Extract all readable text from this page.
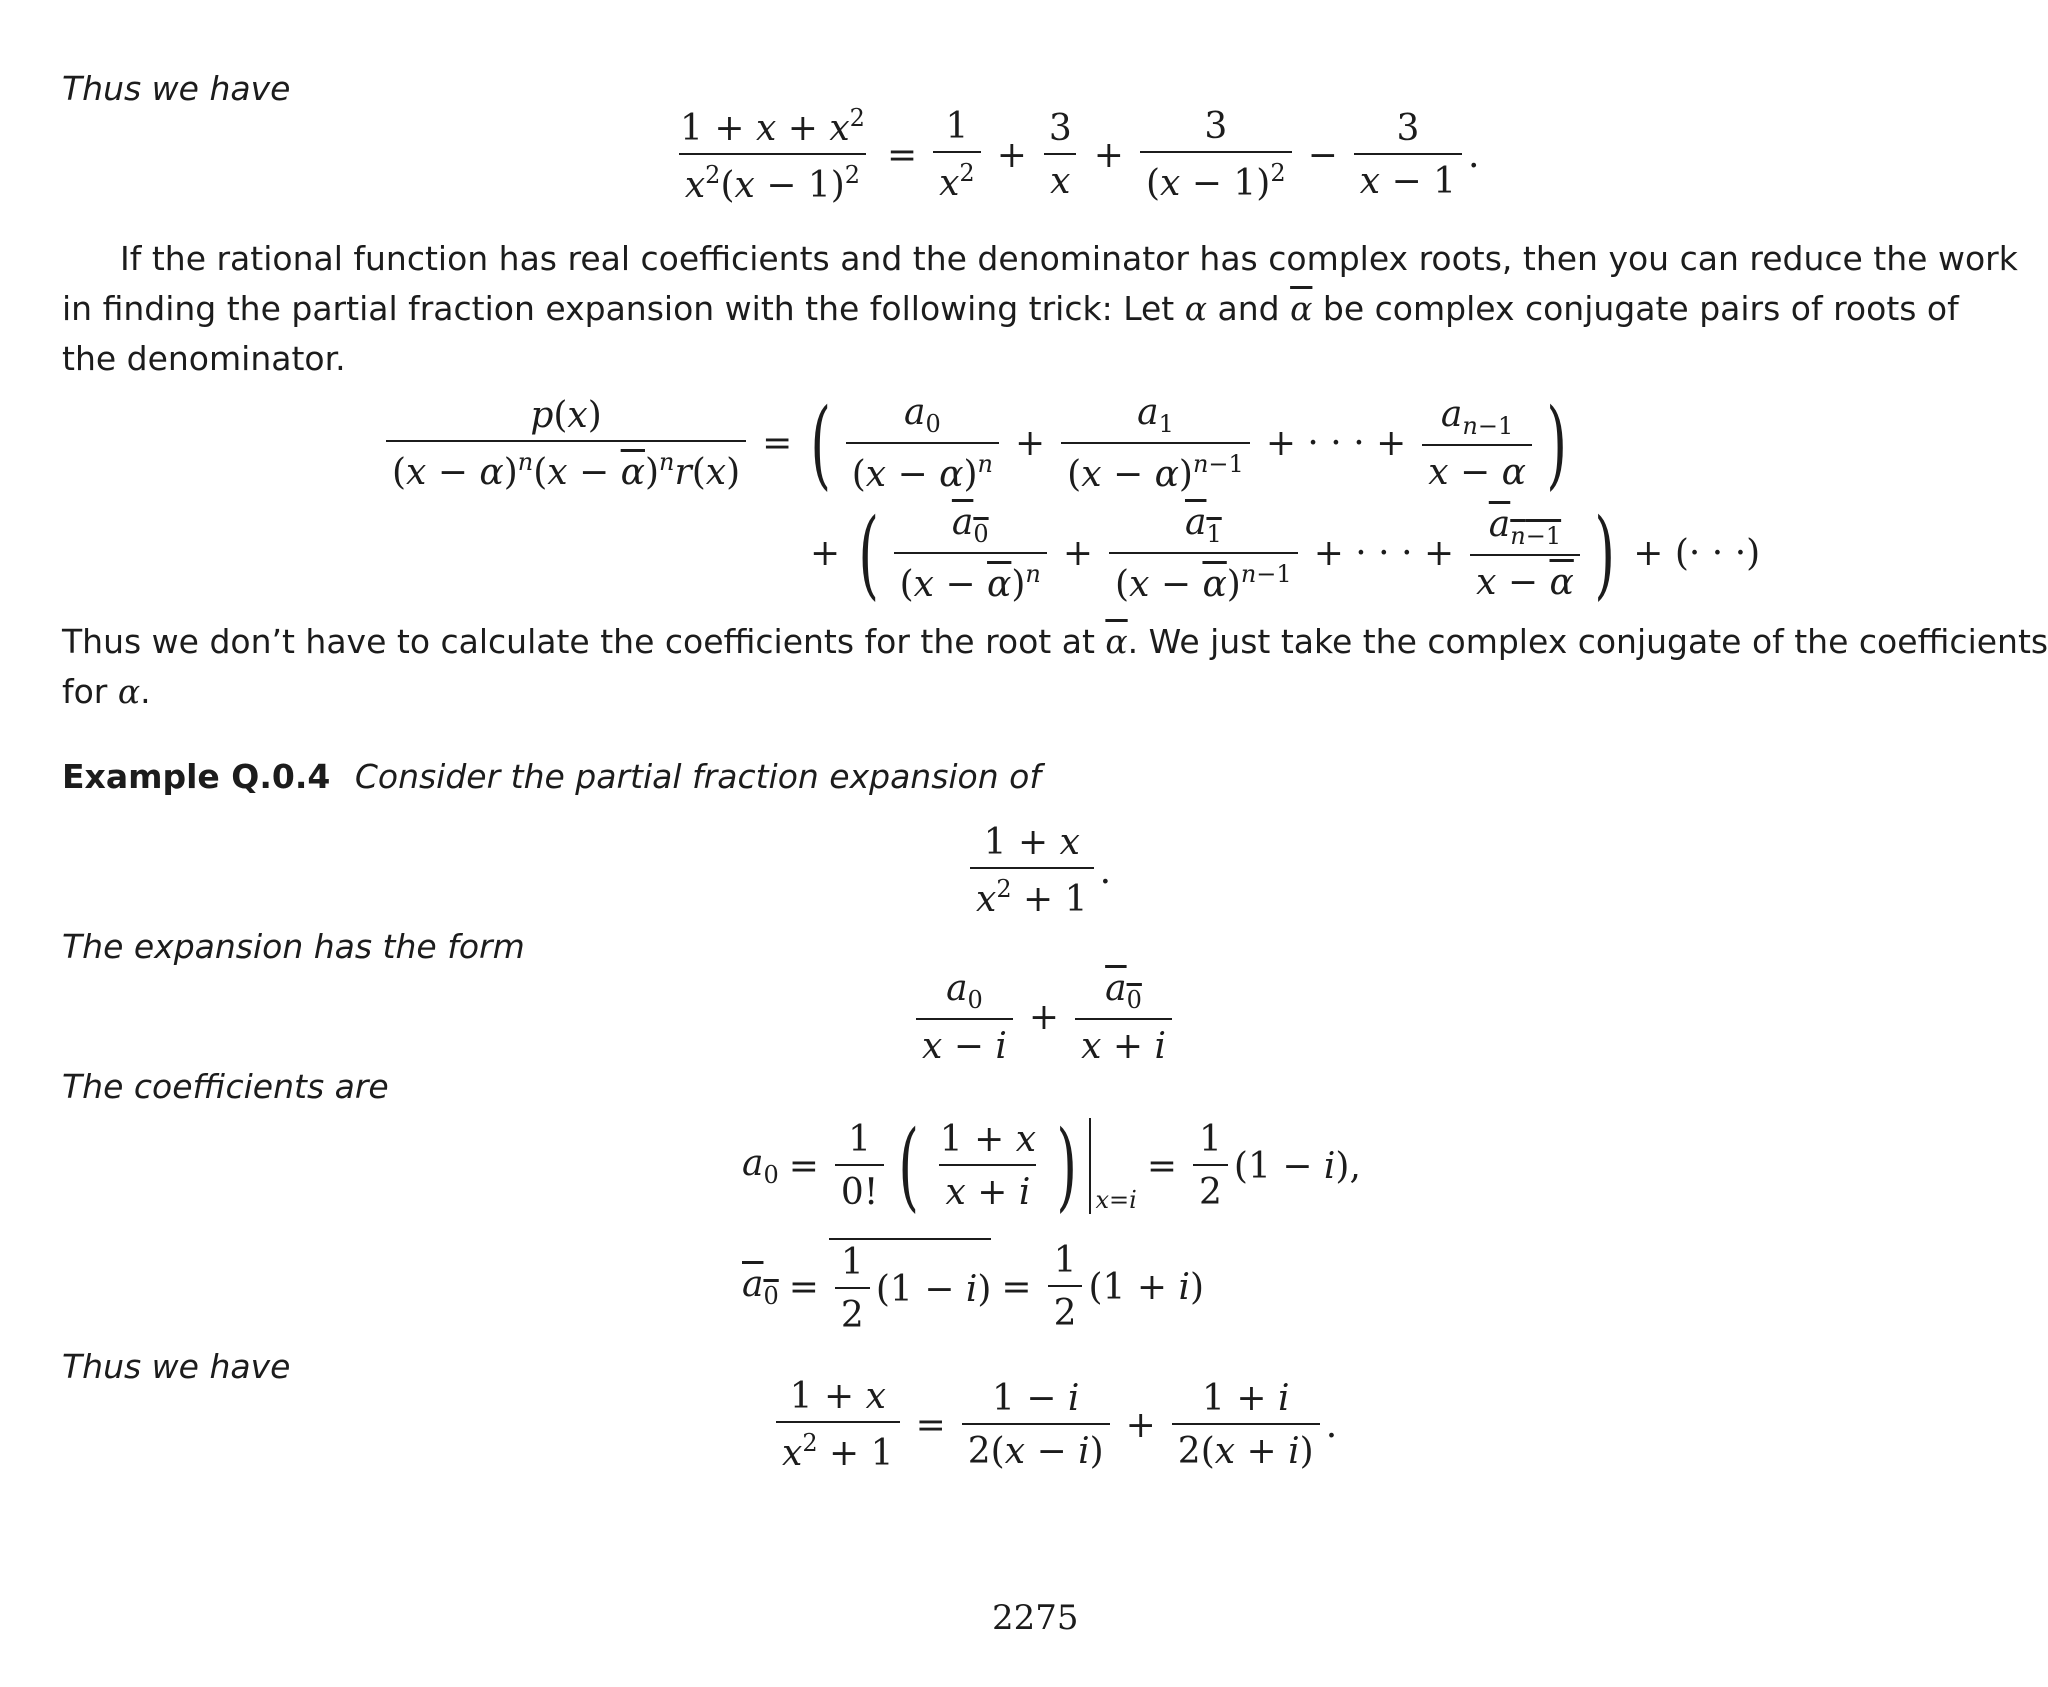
Thus we have
$\frac{1 + x + x^2}{x^2(x - 1)^2} = \frac{1}{x^2} + \frac{3}{x} + \frac{3}{(x - 1)^2} - \frac{3}{x - 1}$ .
If the rational function has real coefficients and the denominator has complex roots, then you can reduce the work
in finding the partial fraction expansion with the following trick: Let α and $\overline{\alpha}$ be complex conjugate pairs of roots of
the denominator.
$\frac{p(x)}{(x - \alpha)^n(x - \overline{\alpha})^nr(x)}$ = ( $\frac{a_0}{(x - \alpha)^n} + \frac{a_1}{(x - \alpha)^{n-1}}$ + · · · + $\frac{a_{n-1}}{x - \alpha}$ )
+ ( $\frac{a_0}{(x - \overline{\alpha})^n} + \frac{a_1}{(x - \overline{\alpha})^{n-1}}$ + · · · + $\frac{a_{n-1}}{x - \overline{\alpha}}$ ) + (· · ·)
Thus we don’t have to calculate the coefficients for the root at $\overline{\alpha}$. We just take the complex conjugate of the coefficients
for α.
Example Q.0.4 Consider the partial fraction expansion of
$\frac{1 + x}{x^2 + 1}$ .
The expansion has the form
$\frac{a_0}{x - i} + \frac{a_0}{x + i}$
The coefficients are
$a_0 = \frac{1}{0!}$ ( $\frac{1 + x}{x + i}$ ) x=i
= $\frac{1}{2} (1 - i)$,
$a_0 = \frac{1}{2} (1 - i) = \frac{1}{2} (1 + i)$
Thus we have
$\frac{1 + x}{x^2 + 1} = \frac{1 - i}{2(x - i)} + \frac{1 + i}{2(x + i)}$ .
2275
